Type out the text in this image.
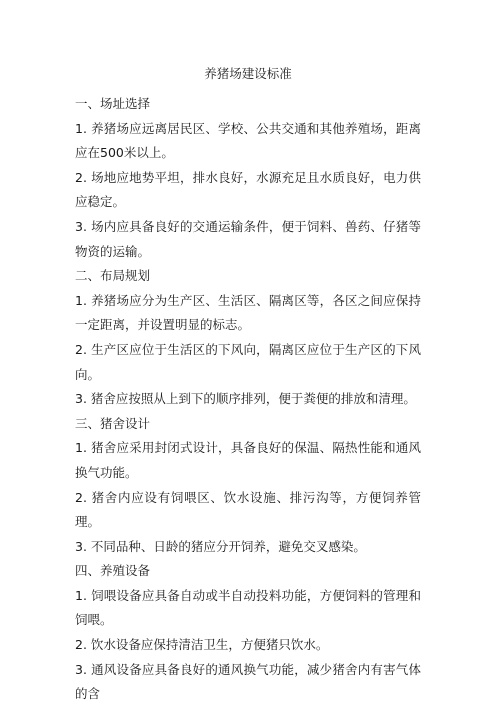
养猪场建设标准

一、场址选择

1. 养猪场应远离居民区、学校、公共交通和其他养殖场，距离应在500米以上。

2. 场地应地势平坦，排水良好，水源充足且水质良好，电力供应稳定。

3. 场内应具备良好的交通运输条件，便于饲料、兽药、仔猪等物资的运输。

二、布局规划

1. 养猪场应分为生产区、生活区、隔离区等，各区之间应保持一定距离，并设置明显的标志。

2. 生产区应位于生活区的下风向，隔离区应位于生产区的下风向。

3. 猪舍应按照从上到下的顺序排列，便于粪便的排放和清理。

三、猪舍设计

1. 猪舍应采用封闭式设计，具备良好的保温、隔热性能和通风换气功能。

2. 猪舍内应设有饲喂区、饮水设施、排污沟等，方便饲养管理。

3. 不同品种、日龄的猪应分开饲养，避免交叉感染。

四、养殖设备

1. 饲喂设备应具备自动或半自动投料功能，方便饲料的管理和饲喂。

2. 饮水设备应保持清洁卫生，方便猪只饮水。

3. 通风设备应具备良好的通风换气功能，减少猪舍内有害气体的含
